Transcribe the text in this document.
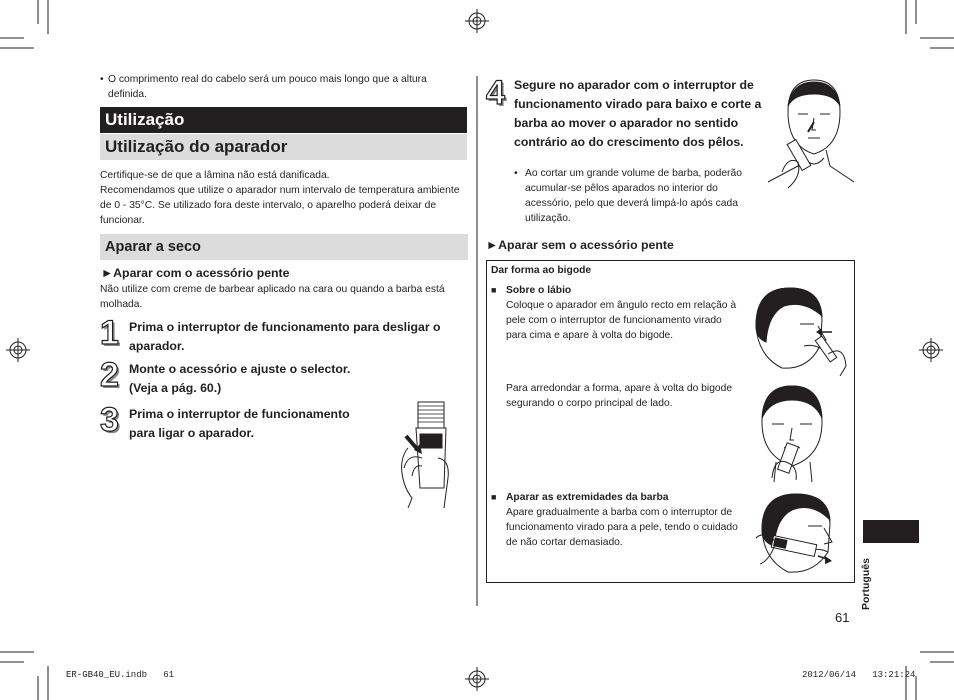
• O comprimento real do cabelo será um pouco mais longo que a altura definida.
Utilização
Utilização do aparador
Certifique-se de que a lâmina não está danificada.
Recomendamos que utilize o aparador num intervalo de temperatura ambiente de 0 - 35°C. Se utilizado fora deste intervalo, o aparelho poderá deixar de funcionar.
Aparar a seco
►Aparar com o acessório pente
Não utilize com creme de barbear aplicado na cara ou quando a barba está molhada.
1 Prima o interruptor de funcionamento para desligar o aparador.
2 Monte o acessório e ajuste o selector. (Veja a pág. 60.)
3 Prima o interruptor de funcionamento para ligar o aparador.
4 Segure no aparador com o interruptor de funcionamento virado para baixo e corte a barba ao mover o aparador no sentido contrário ao do crescimento dos pêlos.
• Ao cortar um grande volume de barba, poderão acumular-se pêlos aparados no interior do acessório, pelo que deverá limpá-lo após cada utilização.
►Aparar sem o acessório pente
Dar forma ao bigode
■ Sobre o lábio
Coloque o aparador em ângulo recto em relação à pele com o interruptor de funcionamento virado para cima e apare à volta do bigode.
Para arredondar a forma, apare à volta do bigode segurando o corpo principal de lado.
■ Aparar as extremidades da barba
Apare gradualmente a barba com o interruptor de funcionamento virado para a pele, tendo o cuidado de não cortar demasiado.
61
Português
ER-GB40_EU.indb   61	2012/06/14   13:21:24
